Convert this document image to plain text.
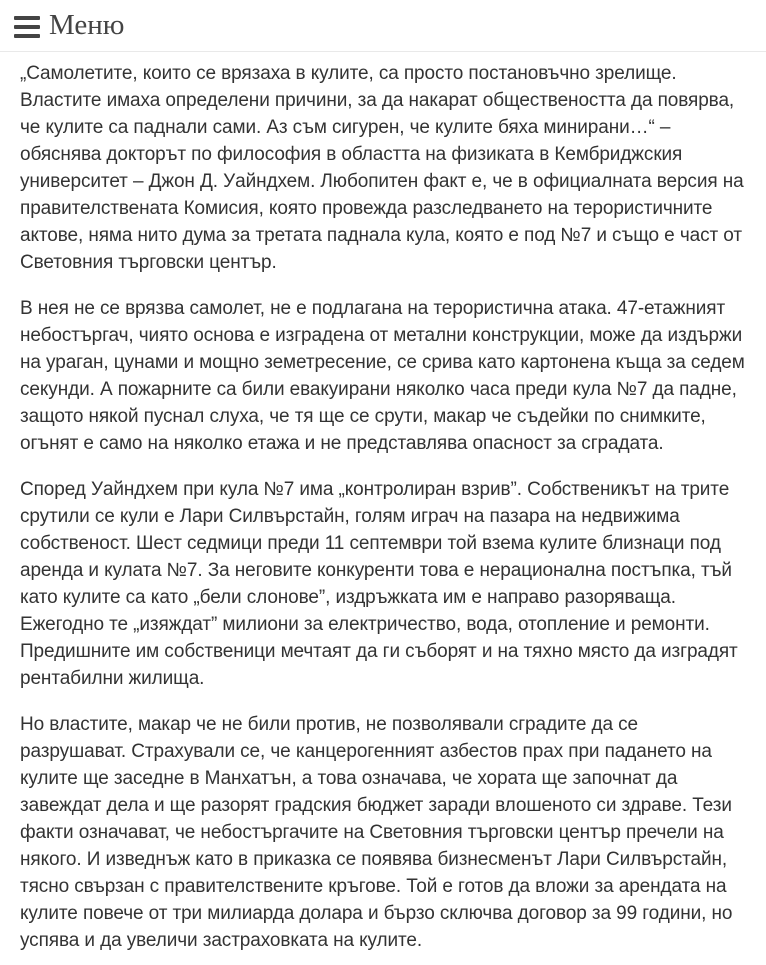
Меню

„Самолетите, които се врязаха в кулите, са просто постановъчно зрелище. Властите имаха определени причини, за да накарат обществеността да повярва, че кулите са паднали сами. Аз съм сигурен, че кулите бяха минирани…“ – обяснява докторът по философия в областта на физиката в Кембриджския университет – Джон Д. Уайндхем. Любопитен факт е, че в официалната версия на правителствената Комисия, която провежда разследването на терористичните актове, няма нито дума за третата паднала кула, която е под №7 и също е част от Световния търговски център.

В нея не се врязва самолет, не е подлагана на терористична атака. 47-етажният небостъргач, чиято основа е изградена от метални конструкции, може да издържи на ураган, цунами и мощно земетресение, се срива като картонена къща за седем секунди. А пожарните са били евакуирани няколко часа преди кула №7 да падне, защото някой пуснал слуха, че тя ще се срути, макар че съдейки по снимките, огънят е само на няколко етажа и не представлява опасност за сградата.

Според Уайндхем при кула №7 има „контролиран взрив”. Собственикът на трите срутили се кули е Лари Силвърстайн, голям играч на пазара на недвижима собственост. Шест седмици преди 11 септември той взема кулите близнаци под аренда и кулата №7. За неговите конкуренти това е нерационална постъпка, тъй като кулите са като „бели слонове”, издръжката им е направо разоряваща. Ежегодно те „изяждат” милиони за електричество, вода, отопление и ремонти. Предишните им собственици мечтаят да ги съборят и на тяхно място да изградят рентабилни жилища.

Но властите, макар че не били против, не позволявали сградите да се разрушават. Страхували се, че канцерогенният азбестов прах при падането на кулите ще заседне в Манхатън, а това означава, че хората ще започнат да завеждат дела и ще разорят градския бюджет заради влошеното си здраве. Тези факти означават, че небостъргачите на Световния търговски център пречели на някого. И изведнъж като в приказка се появява бизнесменът Лари Силвърстайн, тясно свързан с правителствените кръгове. Той е готов да вложи за арендата на кулите повече от три милиарда долара и бързо сключва договор за 99 години, но успява и да увеличи застраховката на кулите.
